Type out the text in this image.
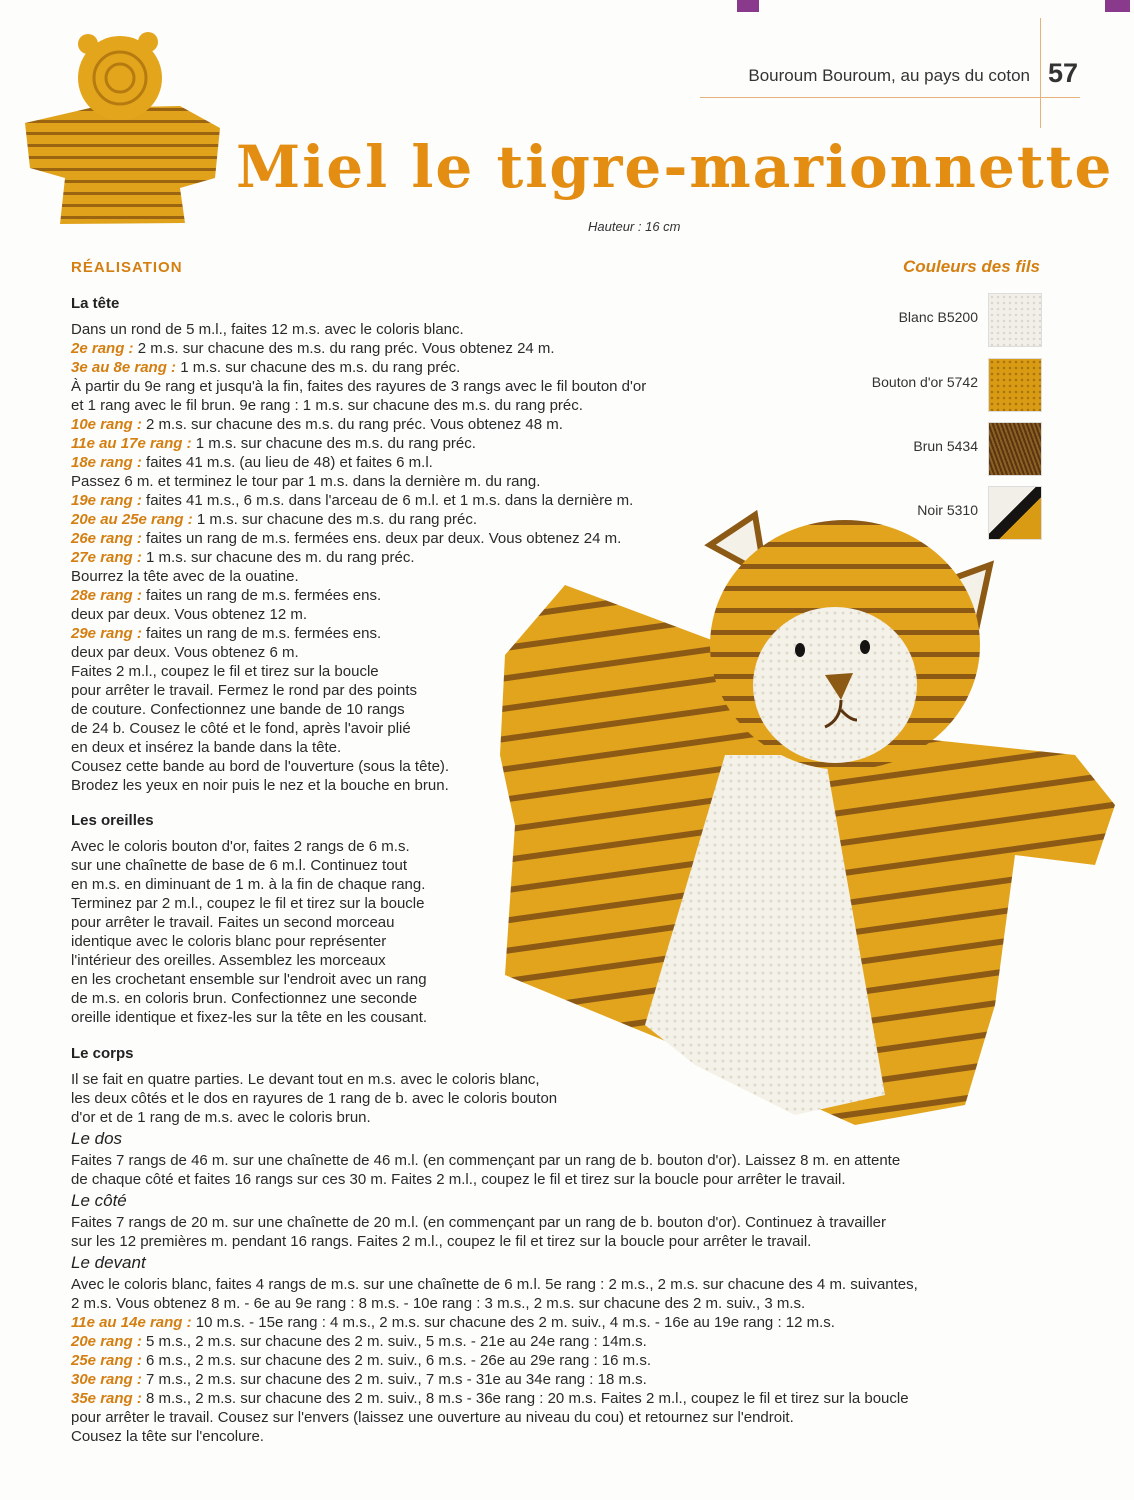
Bouroum Bouroum, au pays du coton 57
Miel le tigre-marionnette
Hauteur : 16 cm
RÉALISATION	Couleurs des fils
Blanc B5200
Bouton d'or 5742
Brun 5434
Noir 5310
La tête

Dans un rond de 5 m.l., faites 12 m.s. avec le coloris blanc.

2e rang : 2 m.s. sur chacune des m.s. du rang préc. Vous obtenez 24 m.

3e au 8e rang : 1 m.s. sur chacune des m.s. du rang préc.

À partir du 9e rang et jusqu'à la fin, faites des rayures de 3 rangs avec le fil bouton d'or

et 1 rang avec le fil brun. 9e rang : 1 m.s. sur chacune des m.s. du rang préc.

10e rang : 2 m.s. sur chacune des m.s. du rang préc. Vous obtenez 48 m.

11e au 17e rang : 1 m.s. sur chacune des m.s. du rang préc.

18e rang : faites 41 m.s. (au lieu de 48) et faites 6 m.l.

Passez 6 m. et terminez le tour par 1 m.s. dans la dernière m. du rang.

19e rang : faites 41 m.s., 6 m.s. dans l'arceau de 6 m.l. et 1 m.s. dans la dernière m.

20e au 25e rang : 1 m.s. sur chacune des m.s. du rang préc.

26e rang : faites un rang de m.s. fermées ens. deux par deux. Vous obtenez 24 m.

27e rang : 1 m.s. sur chacune des m. du rang préc.

Bourrez la tête avec de la ouatine.

28e rang : faites un rang de m.s. fermées ens.

deux par deux. Vous obtenez 12 m.

29e rang : faites un rang de m.s. fermées ens.

deux par deux. Vous obtenez 6 m.

Faites 2 m.l., coupez le fil et tirez sur la boucle

pour arrêter le travail. Fermez le rond par des points

de couture. Confectionnez une bande de 10 rangs

de 24 b. Cousez le côté et le fond, après l'avoir plié

en deux et insérez la bande dans la tête.

Cousez cette bande au bord de l'ouverture (sous la tête).

Brodez les yeux en noir puis le nez et la bouche en brun.

Les oreilles

Avec le coloris bouton d'or, faites 2 rangs de 6 m.s.

sur une chaînette de base de 6 m.l. Continuez tout

en m.s. en diminuant de 1 m. à la fin de chaque rang.

Terminez par 2 m.l., coupez le fil et tirez sur la boucle

pour arrêter le travail. Faites un second morceau

identique avec le coloris blanc pour représenter

l'intérieur des oreilles. Assemblez les morceaux

en les crochetant ensemble sur l'endroit avec un rang

de m.s. en coloris brun. Confectionnez une seconde

oreille identique et fixez-les sur la tête en les cousant.

Le corps

Il se fait en quatre parties. Le devant tout en m.s. avec le coloris blanc,

les deux côtés et le dos en rayures de 1 rang de b. avec le coloris bouton

d'or et de 1 rang de m.s. avec le coloris brun.

Le dos

Faites 7 rangs de 46 m. sur une chaînette de 46 m.l. (en commençant par un rang de b. bouton d'or). Laissez 8 m. en attente

de chaque côté et faites 16 rangs sur ces 30 m. Faites 2 m.l., coupez le fil et tirez sur la boucle pour arrêter le travail.

Le côté

Faites 7 rangs de 20 m. sur une chaînette de 20 m.l. (en commençant par un rang de b. bouton d'or). Continuez à travailler

sur les 12 premières m. pendant 16 rangs. Faites 2 m.l., coupez le fil et tirez sur la boucle pour arrêter le travail.

Le devant

Avec le coloris blanc, faites 4 rangs de m.s. sur une chaînette de 6 m.l. 5e rang : 2 m.s., 2 m.s. sur chacune des 4 m. suivantes,

2 m.s. Vous obtenez 8 m. - 6e au 9e rang : 8 m.s. - 10e rang : 3 m.s., 2 m.s. sur chacune des 2 m. suiv., 3 m.s.

11e au 14e rang : 10 m.s. - 15e rang : 4 m.s., 2 m.s. sur chacune des 2 m. suiv., 4 m.s. - 16e au 19e rang : 12 m.s.

20e rang : 5 m.s., 2 m.s. sur chacune des 2 m. suiv., 5 m.s. - 21e au 24e rang : 14m.s.

25e rang : 6 m.s., 2 m.s. sur chacune des 2 m. suiv., 6 m.s. - 26e au 29e rang : 16 m.s.

30e rang : 7 m.s., 2 m.s. sur chacune des 2 m. suiv., 7 m.s - 31e au 34e rang : 18 m.s.

35e rang : 8 m.s., 2 m.s. sur chacune des 2 m. suiv., 8 m.s - 36e rang : 20 m.s. Faites 2 m.l., coupez le fil et tirez sur la boucle

pour arrêter le travail. Cousez sur l'envers (laissez une ouverture au niveau du cou) et retournez sur l'endroit.

Cousez la tête sur l'encolure.
